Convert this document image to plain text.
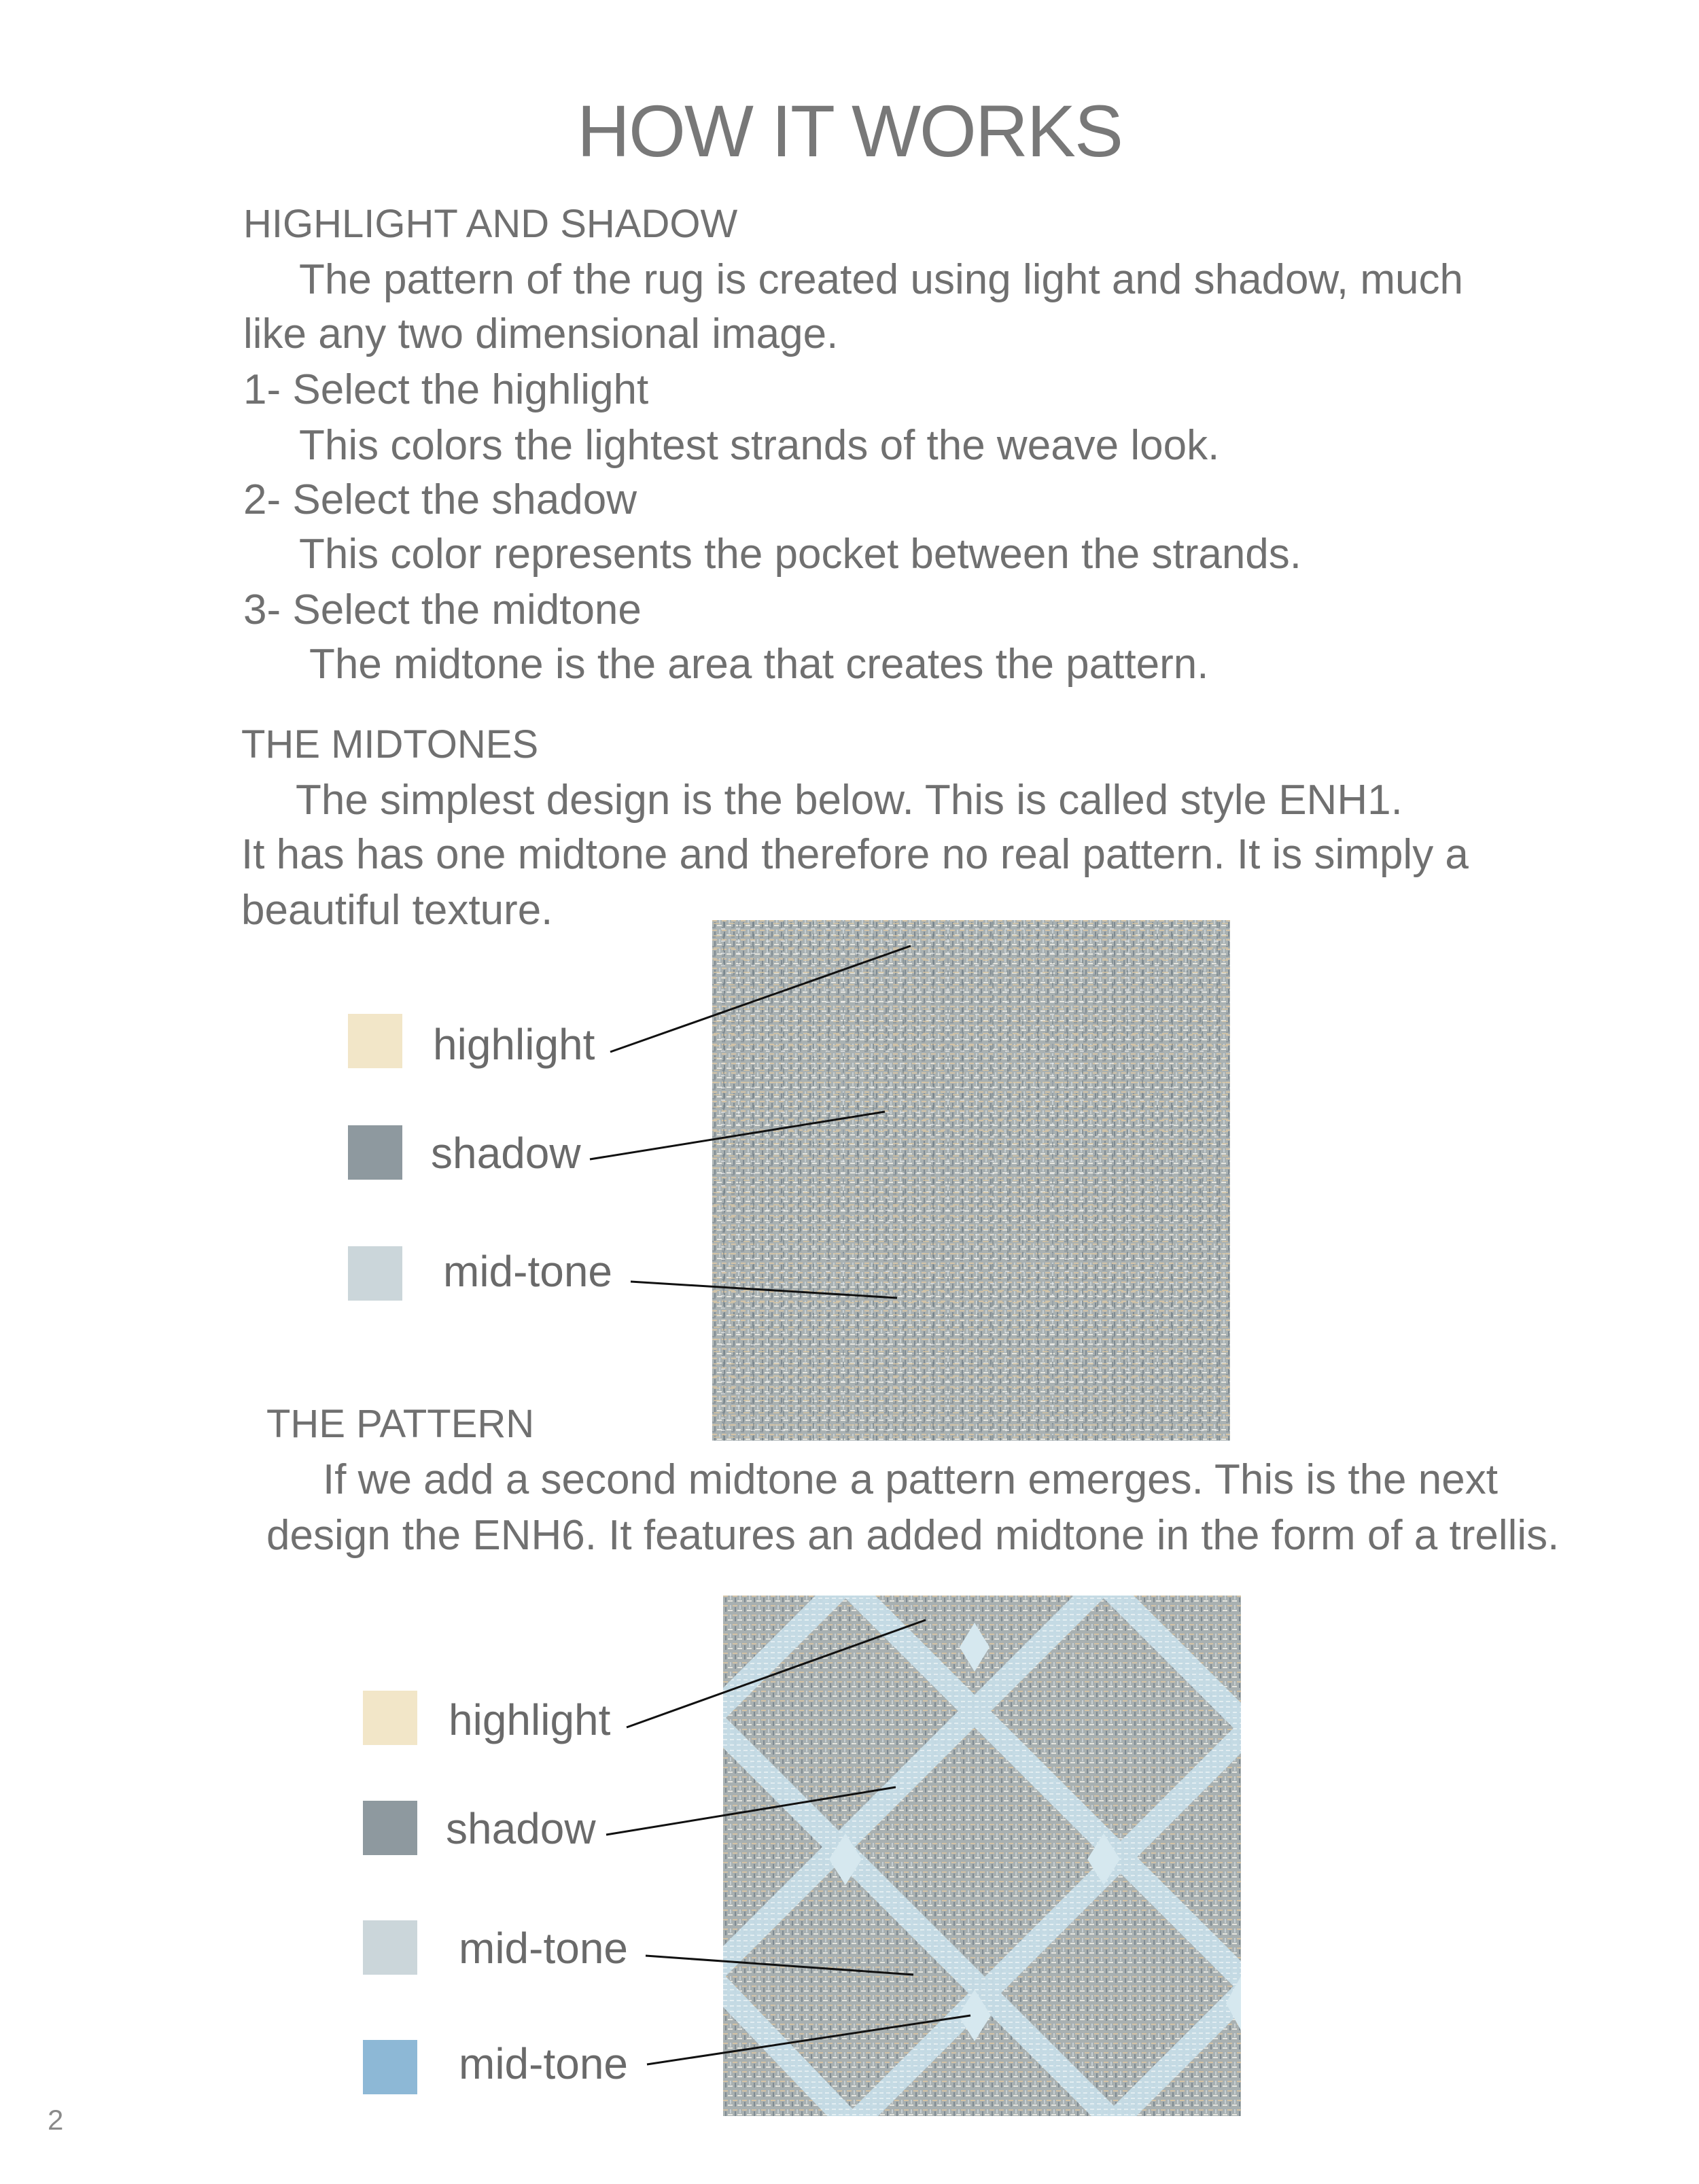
HOW IT WORKS
HIGHLIGHT AND SHADOW
The pattern of the rug is created using light and shadow, much
like any two dimensional image.
1- Select the highlight
This colors the lightest strands of the weave look.
2- Select the shadow
This color represents the pocket between the strands.
3- Select the midtone
The midtone is the area that creates the pattern.
THE MIDTONES
The simplest design is the below. This is called style ENH1.
It has has one midtone and therefore no real pattern. It is simply a
beautiful texture.
highlight
shadow
mid-tone
THE PATTERN
If we add a second midtone a pattern emerges. This is the next
design the ENH6. It features an added midtone in the form of a trellis.
highlight
shadow
mid-tone
mid-tone
2
